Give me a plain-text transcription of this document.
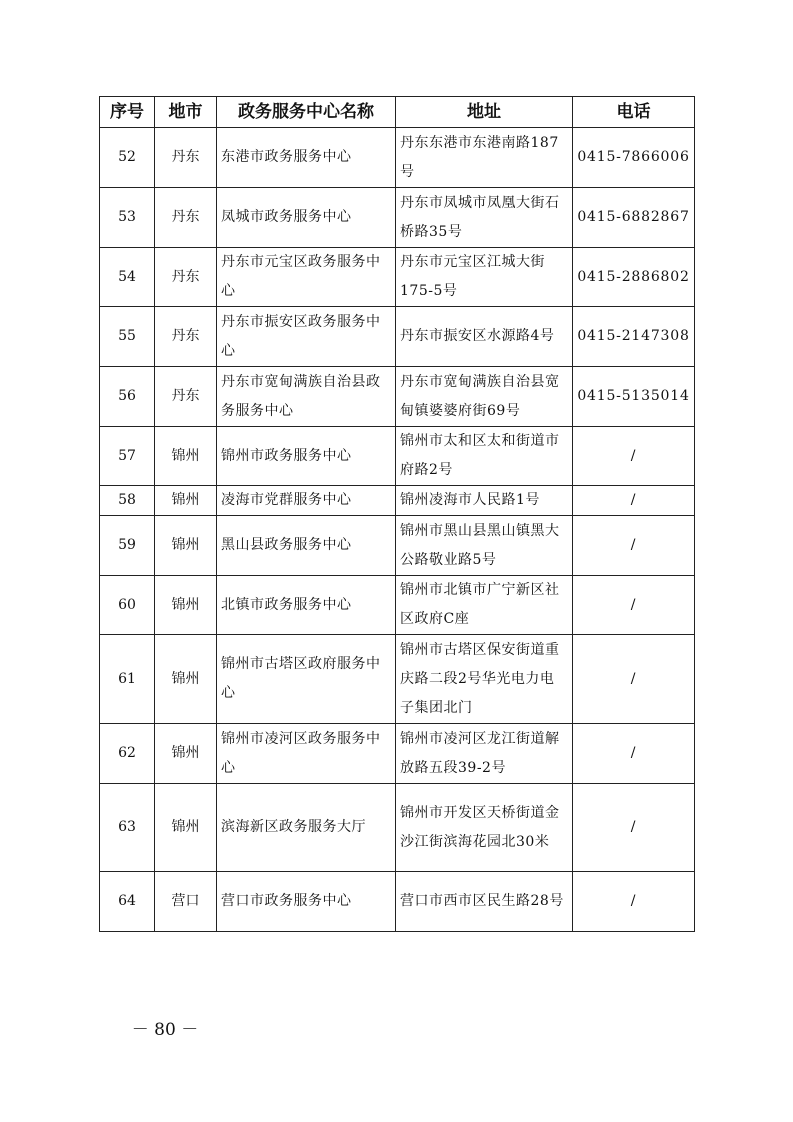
序号	地市	政务服务中心名称	地址	电话
52	丹东	东港市政务服务中心	丹东东港市东港南路187号	0415-7866006
53	丹东	凤城市政务服务中心	丹东市凤城市凤凰大街石桥路35号	0415-6882867
54	丹东	丹东市元宝区政务服务中心	丹东市元宝区江城大街175-5号	0415-2886802
55	丹东	丹东市振安区政务服务中心	丹东市振安区水源路4号	0415-2147308
56	丹东	丹东市宽甸满族自治县政务服务中心	丹东市宽甸满族自治县宽甸镇婆婆府街69号	0415-5135014
57	锦州	锦州市政务服务中心	锦州市太和区太和街道市府路2号	/
58	锦州	凌海市党群服务中心	锦州凌海市人民路1号	/
59	锦州	黑山县政务服务中心	锦州市黑山县黑山镇黑大公路敬业路5号	/
60	锦州	北镇市政务服务中心	锦州市北镇市广宁新区社区政府C座	/
61	锦州	锦州市古塔区政府服务中心	锦州市古塔区保安街道重庆路二段2号华光电力电子集团北门	/
62	锦州	锦州市凌河区政务服务中心	锦州市凌河区龙江街道解放路五段39-2号	/
63	锦州	滨海新区政务服务大厅	锦州市开发区天桥街道金沙江街滨海花园北30米	/
64	营口	营口市政务服务中心	营口市西市区民生路28号	/
－ 80 －
